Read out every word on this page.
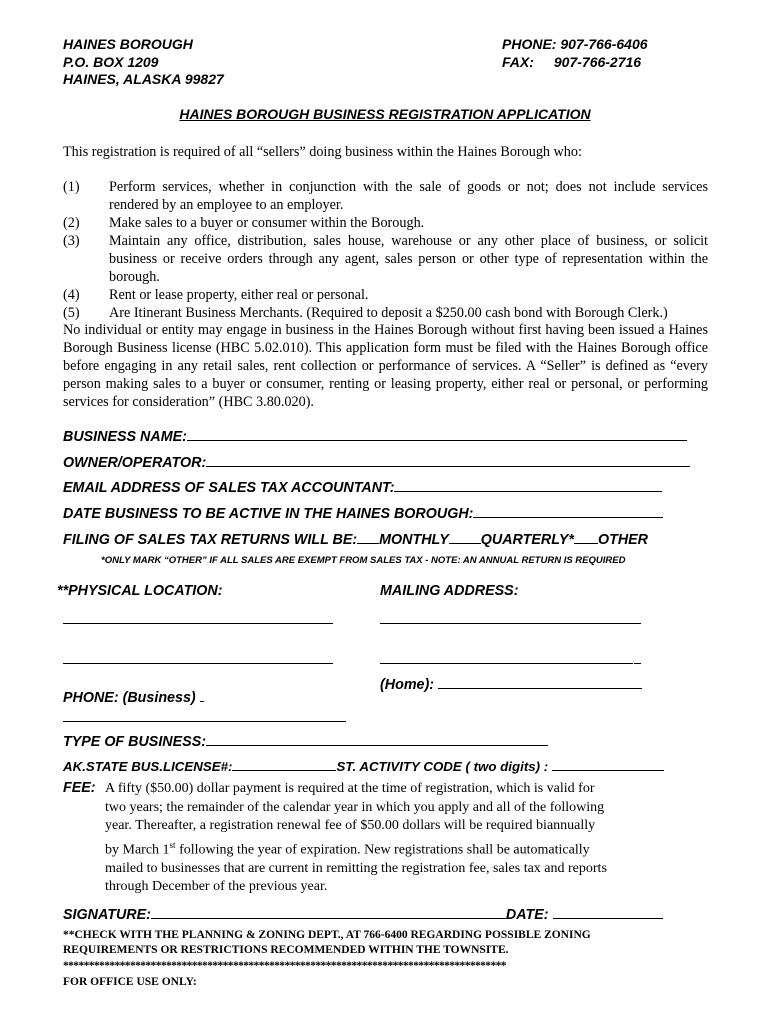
HAINES BOROUGH
P.O. BOX 1209
HAINES, ALASKA 99827
PHONE: 907-766-6406
FAX: 907-766-2716
HAINES BOROUGH BUSINESS REGISTRATION APPLICATION
This registration is required of all “sellers” doing business within the Haines Borough who:
(1)	Perform services, whether in conjunction with the sale of goods or not; does not include services rendered by an employee to an employer.
(2)	Make sales to a buyer or consumer within the Borough.
(3)	Maintain any office, distribution, sales house, warehouse or any other place of business, or solicit business or receive orders through any agent, sales person or other type of representation within the borough.
(4)	Rent or lease property, either real or personal.
(5)	Are Itinerant Business Merchants. (Required to deposit a $250.00 cash bond with Borough Clerk.)
No individual or entity may engage in business in the Haines Borough without first having been issued a Haines Borough Business license (HBC 5.02.010). This application form must be filed with the Haines Borough office before engaging in any retail sales, rent collection or performance of services. A “Seller” is defined as “every person making sales to a buyer or consumer, renting or leasing property, either real or personal, or performing services for consideration” (HBC 3.80.020).
BUSINESS NAME:
OWNER/OPERATOR:
EMAIL ADDRESS OF SALES TAX ACCOUNTANT:
DATE BUSINESS TO BE ACTIVE IN THE HAINES BOROUGH:
FILING OF SALES TAX RETURNS WILL BE: MONTHLY QUARTERLY* OTHER
*ONLY MARK “OTHER” IF ALL SALES ARE EXEMPT FROM SALES TAX - NOTE: AN ANNUAL RETURN IS REQUIRED
**PHYSICAL LOCATION:	MAILING ADDRESS:
(Home):
PHONE: (Business)
TYPE OF BUSINESS:
AK.STATE BUS.LICENSE#:	ST. ACTIVITY CODE ( two digits) :
FEE: A fifty ($50.00) dollar payment is required at the time of registration, which is valid for
two years; the remainder of the calendar year in which you apply and all of the following
year. Thereafter, a registration renewal fee of $50.00 dollars will be required biannually
by March 1st following the year of expiration. New registrations shall be automatically
mailed to businesses that are current in remitting the registration fee, sales tax and reports
through December of the previous year.
SIGNATURE:	DATE:
**CHECK WITH THE PLANNING & ZONING DEPT., AT 766-6400 REGARDING POSSIBLE ZONING
REQUIREMENTS OR RESTRICTIONS RECOMMENDED WITHIN THE TOWNSITE.
**************************************************************************************
FOR OFFICE USE ONLY:
